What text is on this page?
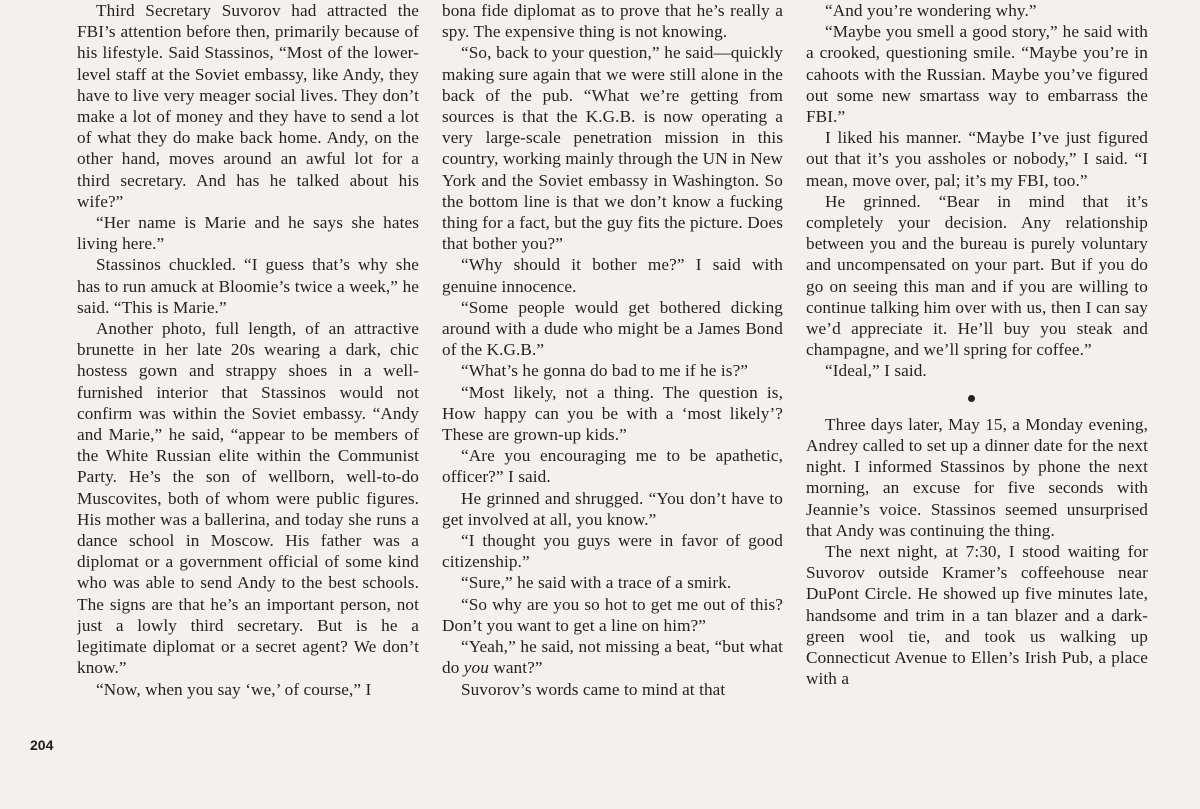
Third Secretary Suvorov had attracted the FBI’s attention before then, primarily because of his lifestyle. Said Stassinos, “Most of the lower-level staff at the Soviet embassy, like Andy, they have to live very meager social lives. They don’t make a lot of money and they have to send a lot of what they do make back home. Andy, on the other hand, moves around an awful lot for a third secretary. And has he talked about his wife?”

“Her name is Marie and he says she hates living here.”

Stassinos chuckled. “I guess that’s why she has to run amuck at Bloomie’s twice a week,” he said. “This is Marie.”

Another photo, full length, of an attractive brunette in her late 20s wearing a dark, chic hostess gown and strappy shoes in a well-furnished interior that Stassinos would not confirm was within the Soviet embassy. “Andy and Marie,” he said, “appear to be members of the White Russian elite within the Communist Party. He’s the son of wellborn, well-to-do Muscovites, both of whom were public figures. His mother was a ballerina, and today she runs a dance school in Moscow. His father was a diplomat or a government official of some kind who was able to send Andy to the best schools. The signs are that he’s an important person, not just a lowly third secretary. But is he a legitimate diplomat or a secret agent? We don’t know.”

“Now, when you say ‘we,’ of course,” I

bona fide diplomat as to prove that he’s really a spy. The expensive thing is not knowing.

“So, back to your question,” he said—quickly making sure again that we were still alone in the back of the pub. “What we’re getting from sources is that the K.G.B. is now operating a very large-scale penetration mission in this country, working mainly through the UN in New York and the Soviet embassy in Washington. So the bottom line is that we don’t know a fucking thing for a fact, but the guy fits the picture. Does that bother you?”

“Why should it bother me?” I said with genuine innocence.

“Some people would get bothered dicking around with a dude who might be a James Bond of the K.G.B.”

“What’s he gonna do bad to me if he is?”

“Most likely, not a thing. The question is, How happy can you be with a ‘most likely’? These are grown-up kids.”

“Are you encouraging me to be apathetic, officer?” I said.

He grinned and shrugged. “You don’t have to get involved at all, you know.”

“I thought you guys were in favor of good citizenship.”

“Sure,” he said with a trace of a smirk.

“So why are you so hot to get me out of this? Don’t you want to get a line on him?”

“Yeah,” he said, not missing a beat, “but what do you want?”

Suvorov’s words came to mind at that

“And you’re wondering why.”

“Maybe you smell a good story,” he said with a crooked, questioning smile. “Maybe you’re in cahoots with the Russian. Maybe you’ve figured out some new smartass way to embarrass the FBI.”

I liked his manner. “Maybe I’ve just figured out that it’s you assholes or nobody,” I said. “I mean, move over, pal; it’s my FBI, too.”

He grinned. “Bear in mind that it’s completely your decision. Any relationship between you and the bureau is purely voluntary and uncompensated on your part. But if you do go on seeing this man and if you are willing to continue talking him over with us, then I can say we’d appreciate it. He’ll buy you steak and champagne, and we’ll spring for coffee.”

“Ideal,” I said.

Three days later, May 15, a Monday evening, Andrey called to set up a dinner date for the next night. I informed Stassinos by phone the next morning, an excuse for five seconds with Jeannie’s voice. Stassinos seemed unsurprised that Andy was continuing the thing.

The next night, at 7:30, I stood waiting for Suvorov outside Kramer’s coffeehouse near DuPont Circle. He showed up five minutes late, handsome and trim in a tan blazer and a dark-green wool tie, and took us walking up Connecticut Avenue to Ellen’s Irish Pub, a place with a

204
